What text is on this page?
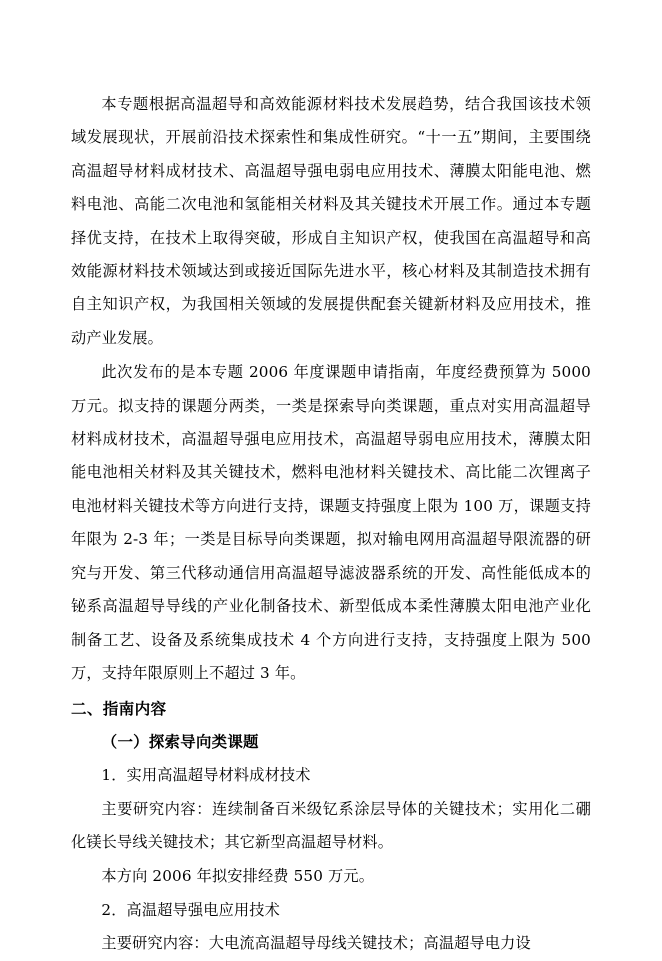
本专题根据高温超导和高效能源材料技术发展趋势，结合我国该技术领域发展现状，开展前沿技术探索性和集成性研究。“十一五”期间，主要围绕高温超导材料成材技术、高温超导强电弱电应用技术、薄膜太阳能电池、燃料电池、高能二次电池和氢能相关材料及其关键技术开展工作。通过本专题择优支持，在技术上取得突破，形成自主知识产权，使我国在高温超导和高效能源材料技术领域达到或接近国际先进水平，核心材料及其制造技术拥有自主知识产权，为我国相关领域的发展提供配套关键新材料及应用技术，推动产业发展。

此次发布的是本专题 2006 年度课题申请指南，年度经费预算为 5000 万元。拟支持的课题分两类，一类是探索导向类课题，重点对实用高温超导材料成材技术，高温超导强电应用技术，高温超导弱电应用技术，薄膜太阳能电池相关材料及其关键技术，燃料电池材料关键技术、高比能二次锂离子电池材料关键技术等方向进行支持，课题支持强度上限为 100 万，课题支持年限为 2-3 年；一类是目标导向类课题，拟对输电网用高温超导限流器的研究与开发、第三代移动通信用高温超导滤波器系统的开发、高性能低成本的铋系高温超导导线的产业化制备技术、新型低成本柔性薄膜太阳电池产业化制备工艺、设备及系统集成技术 4 个方向进行支持，支持强度上限为 500 万，支持年限原则上不超过 3 年。

二、指南内容
（一）探索导向类课题

1．实用高温超导材料成材技术

主要研究内容：连续制备百米级钇系涂层导体的关键技术；实用化二硼化镁长导线关键技术；其它新型高温超导材料。

本方向 2006 年拟安排经费 550 万元。

2．高温超导强电应用技术

主要研究内容：大电流高温超导母线关键技术；高温超导电力设
